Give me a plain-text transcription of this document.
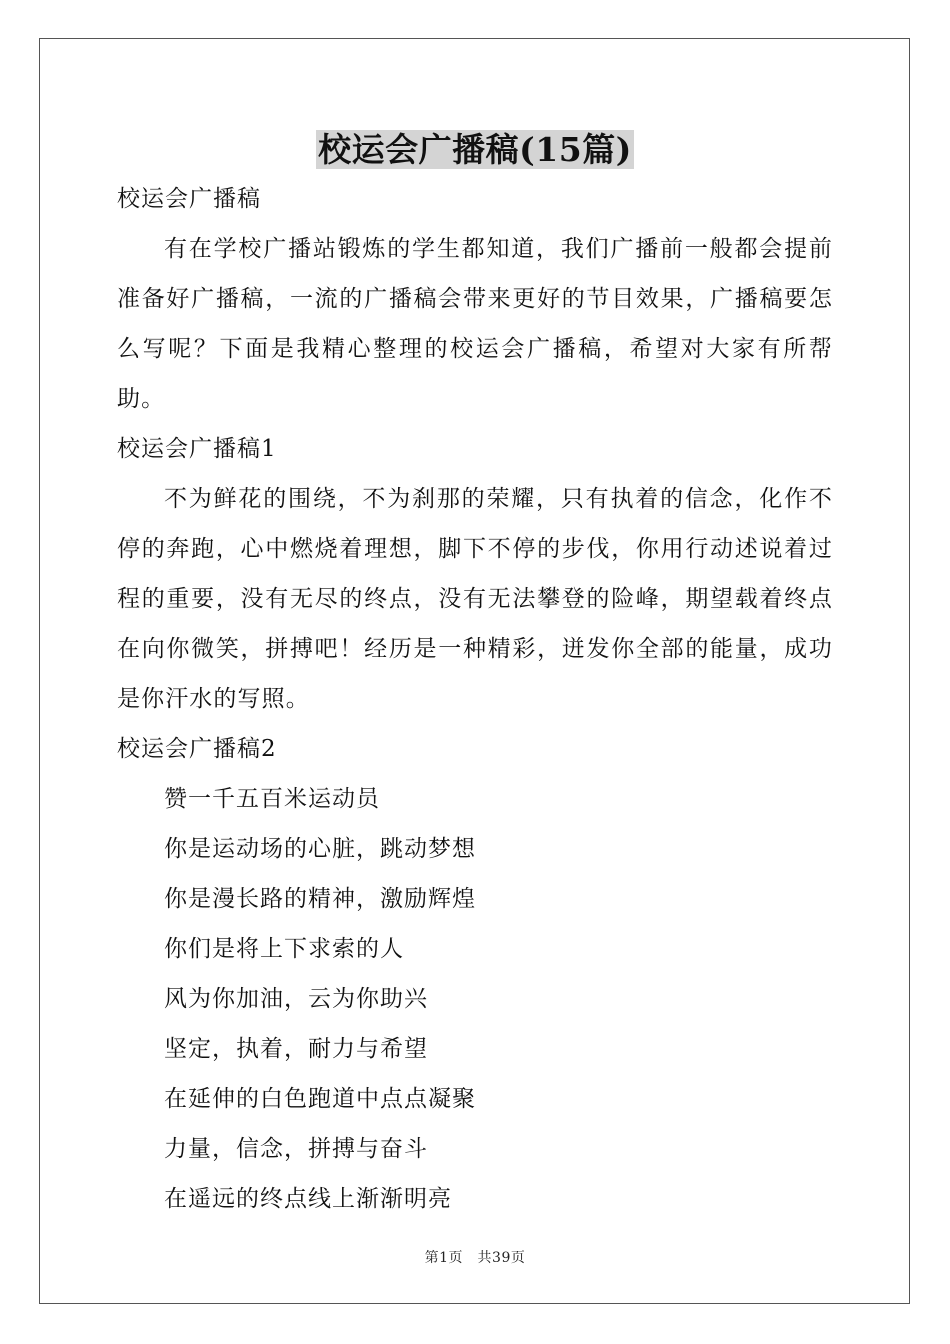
校运会广播稿(15篇)
校运会广播稿

有在学校广播站锻炼的学生都知道，我们广播前一般都会提前准备好广播稿，一流的广播稿会带来更好的节目效果，广播稿要怎么写呢？下面是我精心整理的校运会广播稿，希望对大家有所帮助。

校运会广播稿1

不为鲜花的围绕，不为刹那的荣耀，只有执着的信念，化作不停的奔跑，心中燃烧着理想，脚下不停的步伐，你用行动述说着过程的重要，没有无尽的终点，没有无法攀登的险峰，期望载着终点在向你微笑，拼搏吧！经历是一种精彩，迸发你全部的能量，成功是你汗水的写照。

校运会广播稿2
赞一千五百米运动员
你是运动场的心脏，跳动梦想
你是漫长路的精神，激励辉煌
你们是将上下求索的人
风为你加油，云为你助兴
坚定，执着，耐力与希望
在延伸的白色跑道中点点凝聚
力量，信念，拼搏与奋斗
在遥远的终点线上渐渐明亮
第1页　共39页
